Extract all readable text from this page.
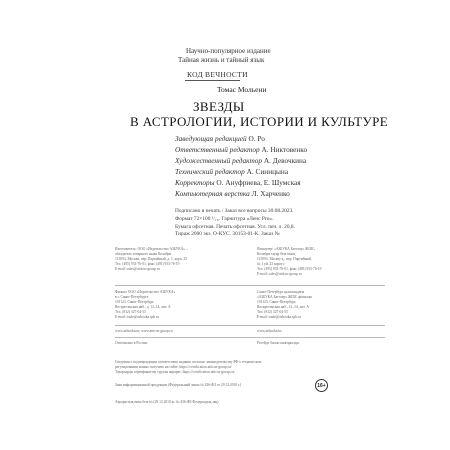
Научно-популярное издание
Тайная жизнь и тайный язык
КОД ВЕЧНОСТИ
Томас Мольени
ЗВЕЗДЫ
В АСТРОЛОГИИ, ИСТОРИИ И КУЛЬТУРЕ
Заведующая редакцией О. Ро
Ответственный редактор А. Никтовенко
Художественный редактор А. Девочкина
Технический редактор А. Синицына
Корректоры О. Ануфриева, Е. Шумская
Компьютерная верстка Л. Харченко
Подписано в печать / Заказ все вопросы 30.08.2023.
Формат 72×100 ¹/₁₆. Гарнитура «Ленс Pro».
Бумага офсетная. Печать офсетная. Усл. печ. л. 20,8.
Тираж 2000 экз. О-КУС. 30153-01-К. Заказ №
Изготовитель: ООО «Издательство АЗБУКА» –
обладатель товарного знака Колибри
115093, Москва, пер. Партийный, д. 1, корп. 25
Тел. (495) 933-76-01, факс (495) 933-76-19
E-mail: sales@atticus-group.ru
Импортер: «АЗБУКА Баттлер» ЖШС,
Колибри тауар белгісінің
115093, Мәскеу қ., пер. Партийный,
№ 1 үй, 25 корпус
Тел. (495) 933-76-01, факс (495) 933-76-19
E-mail: sales@atticus-group.ru
Филиал ООО «Издательство АЗБУКА»
в г. Санкт-Петербурге
191123, Санкт-Петербург,
Воскресенская наб., д. 12–14, лит. А
Тел. (812) 327-04-55
E-mail: trade@azbooka.spb.ru
Санкт-Петербург қаласындағы
«АЗБУКА Баттлер» ЖШС филиалы
191123, Санкт-Петербург,
Воскресенская наб., 12–14, лит. А
Тел. (812) 327-04-55
E-mail: trade@azbooka.spb.ru
www.azbooka.ru; www.atticus-group.ru	www.azbooka.kz
Отпечатано в России.	Ресейде басып шығарылды.
Сведения о подтверждении соответствия издания согласно законодательству РФ о техническом
регулировании можно получить на сайте: https://certification.atticus-group.ru/
Тауарларды сертификаттау туралы ақпарат: https://certification.atticus-group.ru/
Знак информационной продукции (Федеральный закон № 436-ФЗ от 29.12.2010 г.)	16+
Ақпараттық өнім белгісі (29.12.2010 ж. № 436-ФЗ Федералдық заң)
